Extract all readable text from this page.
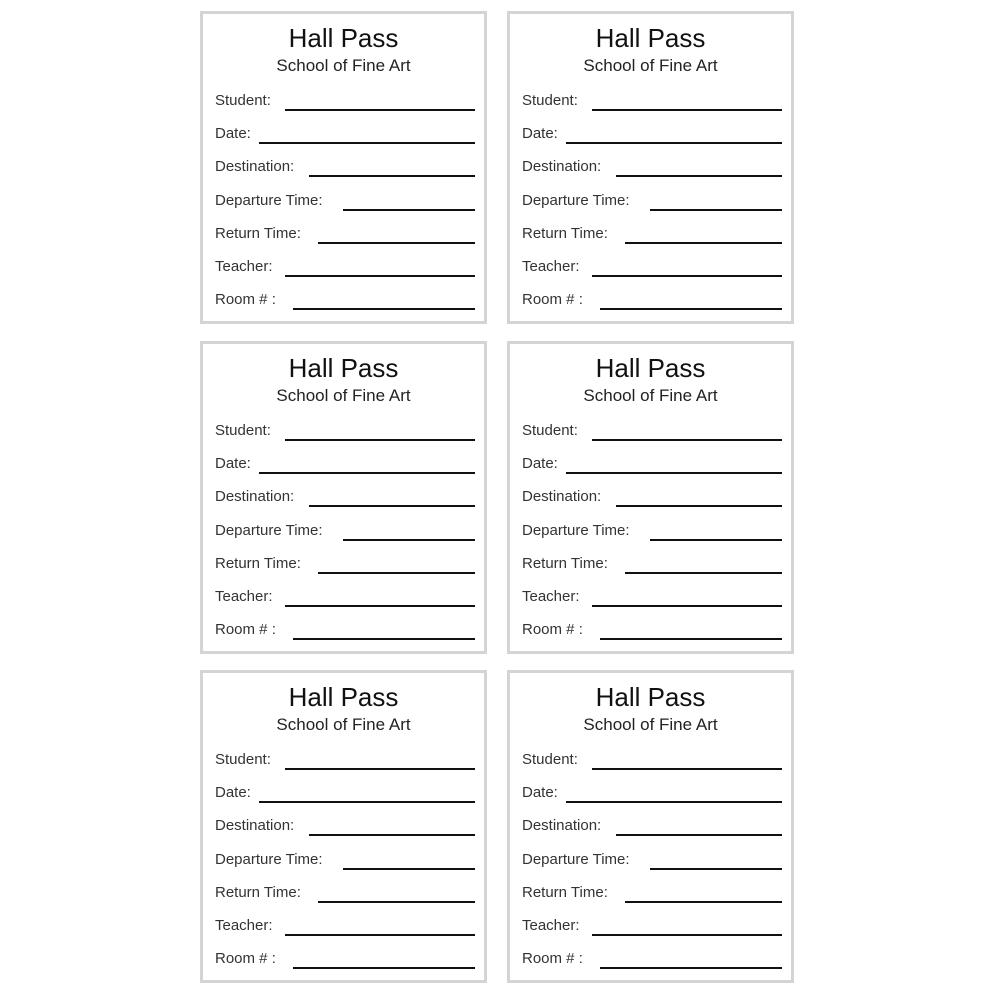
Hall Pass
School of Fine Art
Student:
Date:
Destination:
Departure Time:
Return Time:
Teacher:
Room # :
Hall Pass
School of Fine Art
Student:
Date:
Destination:
Departure Time:
Return Time:
Teacher:
Room # :
Hall Pass
School of Fine Art
Student:
Date:
Destination:
Departure Time:
Return Time:
Teacher:
Room # :
Hall Pass
School of Fine Art
Student:
Date:
Destination:
Departure Time:
Return Time:
Teacher:
Room # :
Hall Pass
School of Fine Art
Student:
Date:
Destination:
Departure Time:
Return Time:
Teacher:
Room # :
Hall Pass
School of Fine Art
Student:
Date:
Destination:
Departure Time:
Return Time:
Teacher:
Room # :
